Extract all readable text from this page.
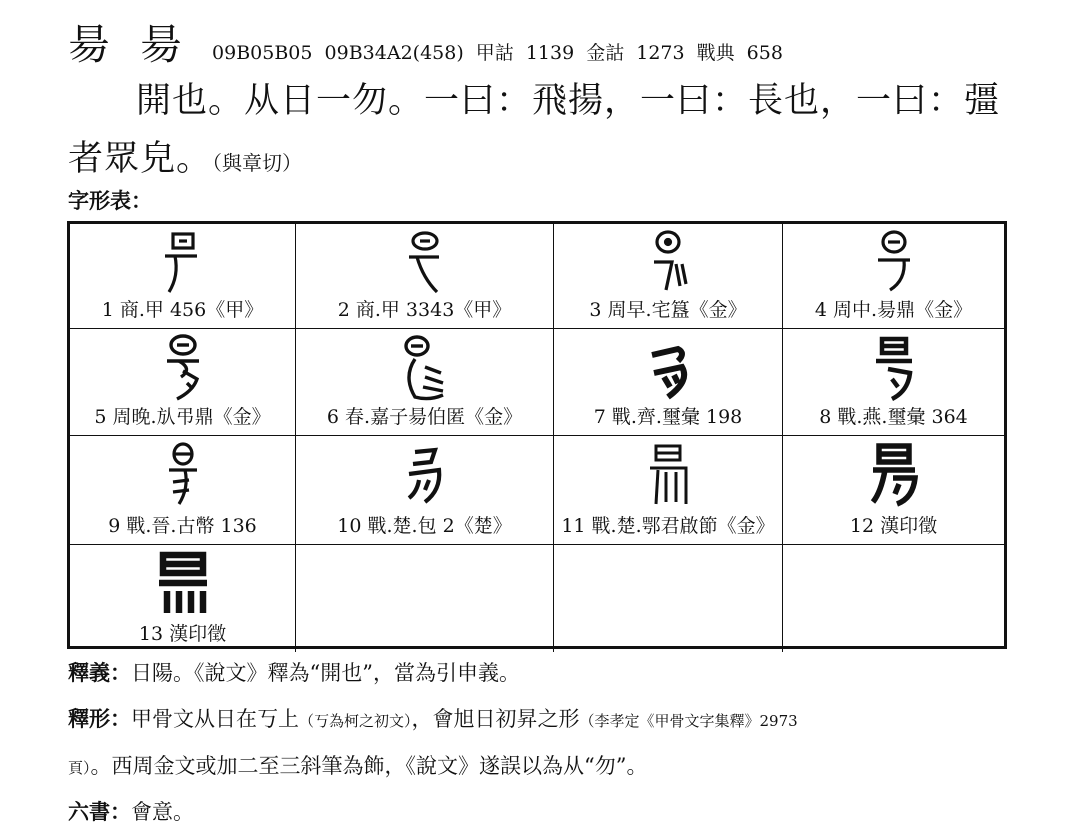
昜 昜 09B05B05 09B34A2(458) 甲詁 1139 金詁 1273 戰典 658
開也。从日一勿。一曰：飛揚，一曰：長也，一曰：彊
者眾皃。（與章切）
字形表：
1 商.甲 456《甲》	2 商.甲 3343《甲》	3 周早.宅簋《金》	4 周中.昜鼎《金》
5 周晚.㫃弔鼎《金》	6 春.嘉子昜伯匿《金》	7 戰.齊.璽彙 198	8 戰.燕.璽彙 364
9 戰.晉.古幣 136	10 戰.楚.包 2《楚》	11 戰.楚.鄂君啟節《金》	12 漢印徵
13 漢印徵
釋義：日陽。《說文》釋為“開也”，當為引申義。
釋形：甲骨文从日在丂上（丂為柯之初文），會旭日初昇之形（李孝定《甲骨文字集釋》2973
頁）。西周金文或加二至三斜筆為飾，《說文》遂誤以為从“勿”。
六書：會意。
